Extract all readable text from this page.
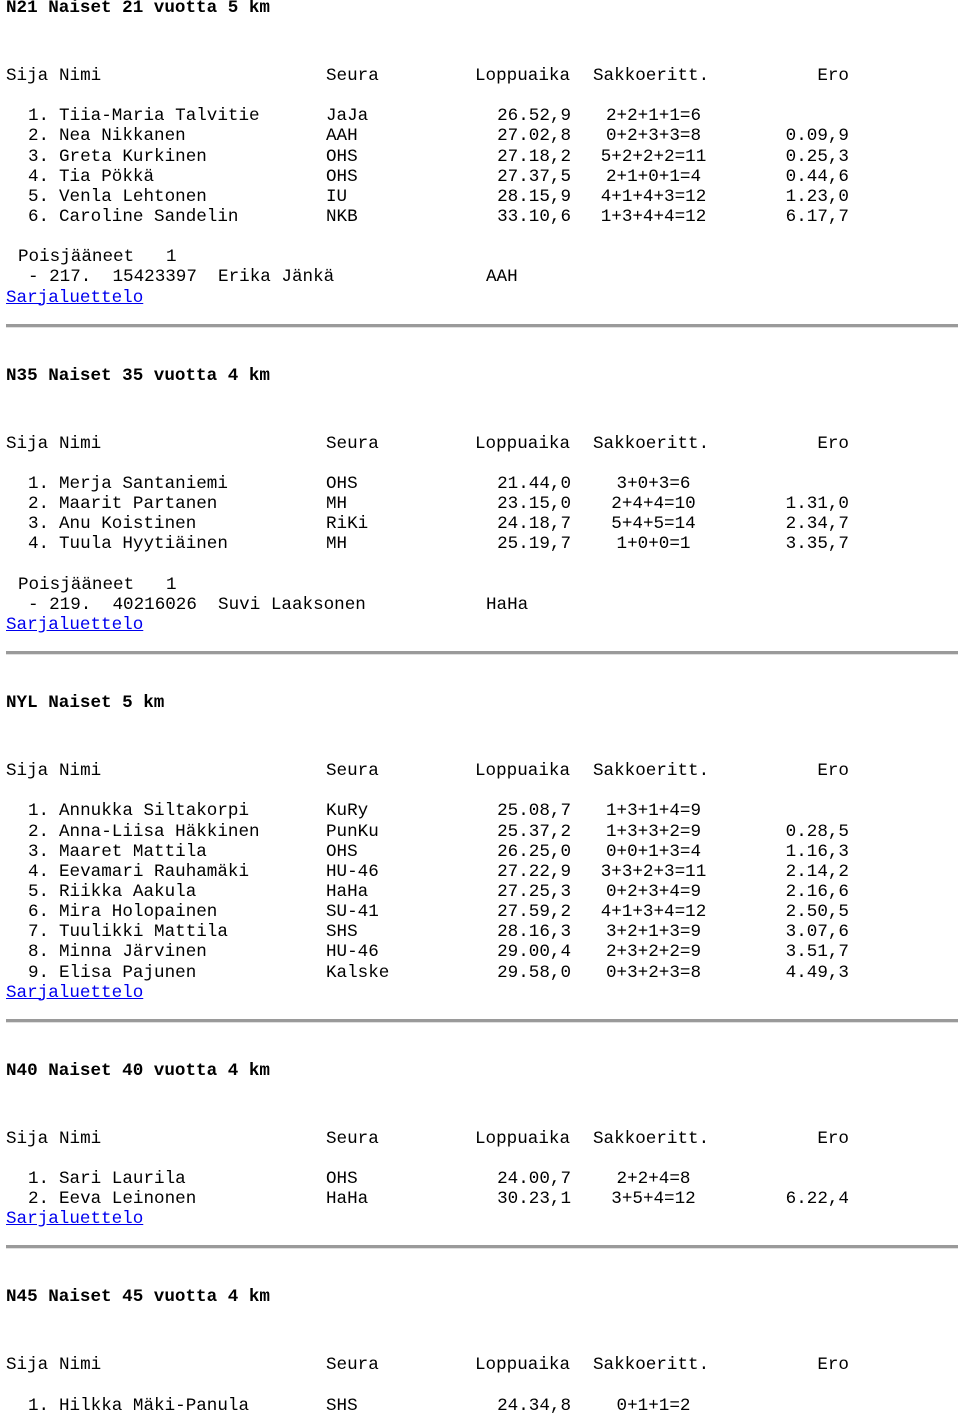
N21 Naiset 21 vuotta 5 km
Sija Nimi	Seura	Loppuaika Sakkoeritt.	Ero
1. Tiia-Maria Talvitie	JaJa	26.52,9	2+2+1+1=6
2. Nea Nikkanen	AAH	27.02,8	0+2+3+3=8	0.09,9
3. Greta Kurkinen	OHS	27.18,2 5+2+2+2=11	0.25,3
4. Tia Pökkä	OHS	27.37,5	2+1+0+1=4	0.44,6
5. Venla Lehtonen	IU	28.15,9 4+1+4+3=12	1.23,0
6. Caroline Sandelin	NKB	33.10,6 1+3+4+4=12	6.17,7
Poisjääneet 1
- 217.  15423397  Erika Jänkä	AAH
Sarjaluettelo
N35 Naiset 35 vuotta 4 km
Sija Nimi	Seura	Loppuaika Sakkoeritt.	Ero
1. Merja Santaniemi	OHS	21.44,0	3+0+3=6
2. Maarit Partanen	MH	23.15,0	2+4+4=10	1.31,0
3. Anu Koistinen	RiKi	24.18,7	5+4+5=14	2.34,7
4. Tuula Hyytiäinen	MH	25.19,7	1+0+0=1	3.35,7
Poisjääneet 1
- 219.  40216026  Suvi Laaksonen	HaHa
Sarjaluettelo
NYL Naiset 5 km
Sija Nimi	Seura	Loppuaika Sakkoeritt.	Ero
1. Annukka Siltakorpi	KuRy	25.08,7	1+3+1+4=9
2. Anna-Liisa Häkkinen	PunKu	25.37,2	1+3+3+2=9	0.28,5
3. Maaret Mattila	OHS	26.25,0	0+0+1+3=4	1.16,3
4. Eevamari Rauhamäki	HU-46	27.22,9 3+3+2+3=11	2.14,2
5. Riikka Aakula	HaHa	27.25,3	0+2+3+4=9	2.16,6
6. Mira Holopainen	SU-41	27.59,2 4+1+3+4=12	2.50,5
7. Tuulikki Mattila	SHS	28.16,3	3+2+1+3=9	3.07,6
8. Minna Järvinen	HU-46	29.00,4	2+3+2+2=9	3.51,7
9. Elisa Pajunen	Kalske	29.58,0	0+3+2+3=8	4.49,3
Sarjaluettelo
N40 Naiset 40 vuotta 4 km
Sija Nimi	Seura	Loppuaika Sakkoeritt.	Ero
1. Sari Laurila	OHS	24.00,7	2+2+4=8
2. Eeva Leinonen	HaHa	30.23,1	3+5+4=12	6.22,4
Sarjaluettelo
N45 Naiset 45 vuotta 4 km
Sija Nimi	Seura	Loppuaika Sakkoeritt.	Ero
1. Hilkka Mäki-Panula	SHS	24.34,8	0+1+1=2
